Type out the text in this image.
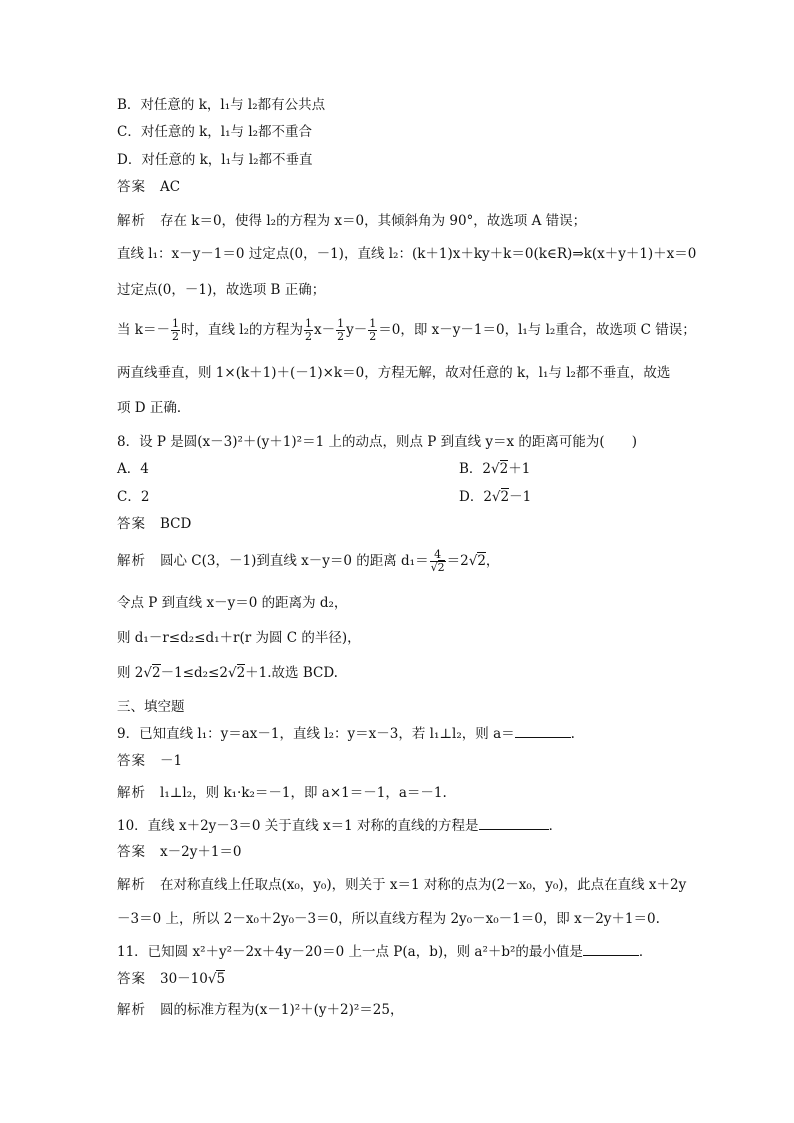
B．对任意的 k，l₁与 l₂都有公共点
C．对任意的 k，l₁与 l₂都不重合
D．对任意的 k，l₁与 l₂都不垂直
答案 AC
解析 存在 k＝0，使得 l₂的方程为 x＝0，其倾斜角为 90°，故选项 A 错误；
直线 l₁：x－y－1＝0 过定点(0，－1)，直线 l₂：(k＋1)x＋ky＋k＝0(k∈R)⇒k(x＋y＋1)＋x＝0
过定点(0，－1)，故选项 B 正确；
当 $k=- \frac{1}{2}$ 时，直线 l₂的方程为 $\frac{1}{2} x- \frac{1}{2} y- \frac{1}{2} =0$，即 x－y－1＝0，l₁与 l₂重合，故选项 C 错误；
两直线垂直，则 1×(k＋1)＋(－1)×k＝0，方程无解，故对任意的 k，l₁与 l₂都不垂直，故选
项 D 正确．
8．设 P 是圆(x－3)²＋(y＋1)²＝1 上的动点，则点 P 到直线 y＝x 的距离可能为(　　)
A．4	B．2√2＋1
C．2	D．2√2－1
答案 BCD
解析 圆心 C(3，－1)到直线 x－y＝0 的距离 $d_1= \frac{4}{√2} =2√2$，
令点 P 到直线 x－y＝0 的距离为 d₂，
则 d₁－r≤d₂≤d₁＋r(r 为圆 C 的半径)，
则 2√2－1≤d₂≤2√2＋1.故选 BCD.
三、填空题
9．已知直线 l₁：y＝ax－1，直线 l₂：y＝x－3，若 l₁⊥l₂，则 a＝	.
答案 －1
解析 l₁⊥l₂，则 k₁·k₂＝－1，即 a×1＝－1，a＝－1.
10．直线 x＋2y－3＝0 关于直线 x＝1 对称的直线的方程是	．
答案 x－2y＋1＝0
解析 在对称直线上任取点(x₀，y₀)，则关于 x＝1 对称的点为(2－x₀，y₀)，此点在直线 x＋2y
－3＝0 上，所以 2－x₀＋2y₀－3＝0，所以直线方程为 2y₀－x₀－1＝0，即 x－2y＋1＝0.
11．已知圆 x²＋y²－2x＋4y－20＝0 上一点 P(a，b)，则 a²＋b²的最小值是	．
答案 30－10√5
解析 圆的标准方程为(x－1)²＋(y＋2)²＝25，
